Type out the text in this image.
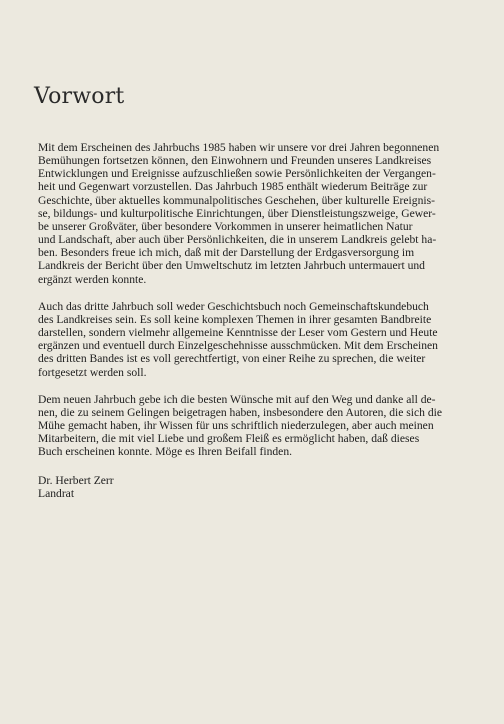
Vorwort

Mit dem Erscheinen des Jahrbuchs 1985 haben wir unsere vor drei Jahren begonnenen
Bemühungen fortsetzen können, den Einwohnern und Freunden unseres Landkreises
Entwicklungen und Ereignisse aufzuschließen sowie Persönlichkeiten der Vergangen-
heit und Gegenwart vorzustellen. Das Jahrbuch 1985 enthält wiederum Beiträge zur
Geschichte, über aktuelles kommunalpolitisches Geschehen, über kulturelle Ereignis-
se, bildungs- und kulturpolitische Einrichtungen, über Dienstleistungszweige, Gewer-
be unserer Großväter, über besondere Vorkommen in unserer heimatlichen Natur
und Landschaft, aber auch über Persönlichkeiten, die in unserem Landkreis gelebt ha-
ben. Besonders freue ich mich, daß mit der Darstellung der Erdgasversorgung im
Landkreis der Bericht über den Umweltschutz im letzten Jahrbuch untermauert und
ergänzt werden konnte.

Auch das dritte Jahrbuch soll weder Geschichtsbuch noch Gemeinschaftskundebuch
des Landkreises sein. Es soll keine komplexen Themen in ihrer gesamten Bandbreite
darstellen, sondern vielmehr allgemeine Kenntnisse der Leser vom Gestern und Heute
ergänzen und eventuell durch Einzelgeschehnisse ausschmücken. Mit dem Erscheinen
des dritten Bandes ist es voll gerechtfertigt, von einer Reihe zu sprechen, die weiter
fortgesetzt werden soll.

Dem neuen Jahrbuch gebe ich die besten Wünsche mit auf den Weg und danke all de-
nen, die zu seinem Gelingen beigetragen haben, insbesondere den Autoren, die sich die
Mühe gemacht haben, ihr Wissen für uns schriftlich niederzulegen, aber auch meinen
Mitarbeitern, die mit viel Liebe und großem Fleiß es ermöglicht haben, daß dieses
Buch erscheinen konnte. Möge es Ihren Beifall finden.

Dr. Herbert Zerr
Landrat
